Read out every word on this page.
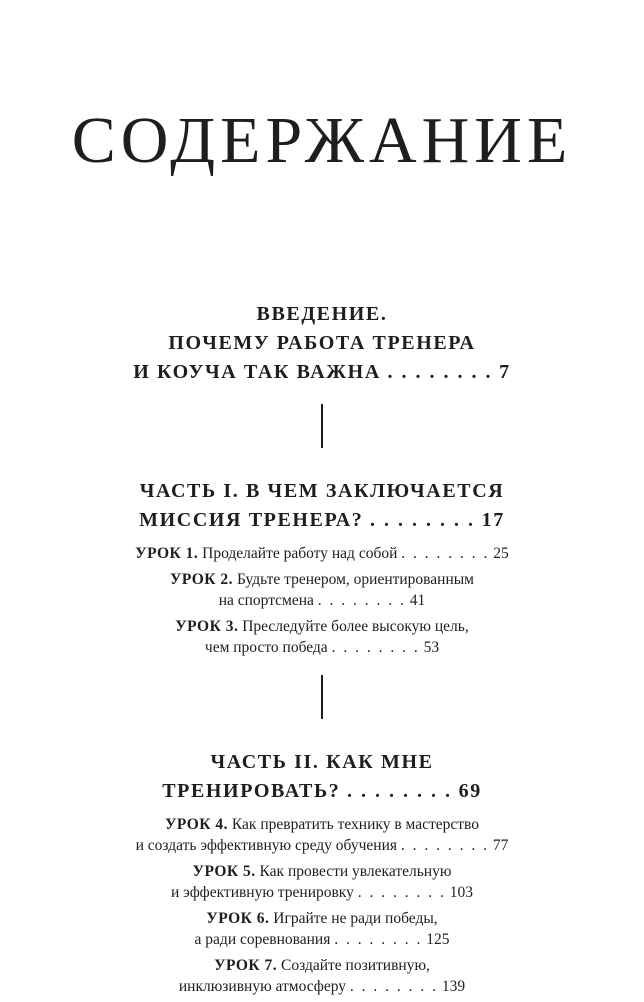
СОДЕРЖАНИЕ
ВВЕДЕНИЕ.
ПОЧЕМУ РАБОТА ТРЕНЕРА
И КОУЧА ТАК ВАЖНА . . . . . . . . 7
ЧАСТЬ I. В ЧЕМ ЗАКЛЮЧАЕТСЯ
МИССИЯ ТРЕНЕРА? . . . . . . . . 17
УРОК 1. Проделайте работу над собой . . . . . . . . 25
УРОК 2. Будьте тренером, ориентированным
на спортсмена . . . . . . . . 41
УРОК 3. Преследуйте более высокую цель,
чем просто победа . . . . . . . . 53
ЧАСТЬ II. КАК МНЕ
ТРЕНИРОВАТЬ? . . . . . . . . 69
УРОК 4. Как превратить технику в мастерство
и создать эффективную среду обучения . . . . . . . . 77
УРОК 5. Как провести увлекательную
и эффективную тренировку . . . . . . . . 103
УРОК 6. Играйте не ради победы,
а ради соревнования . . . . . . . . 125
УРОК 7. Создайте позитивную,
инклюзивную атмосферу . . . . . . . . 139
